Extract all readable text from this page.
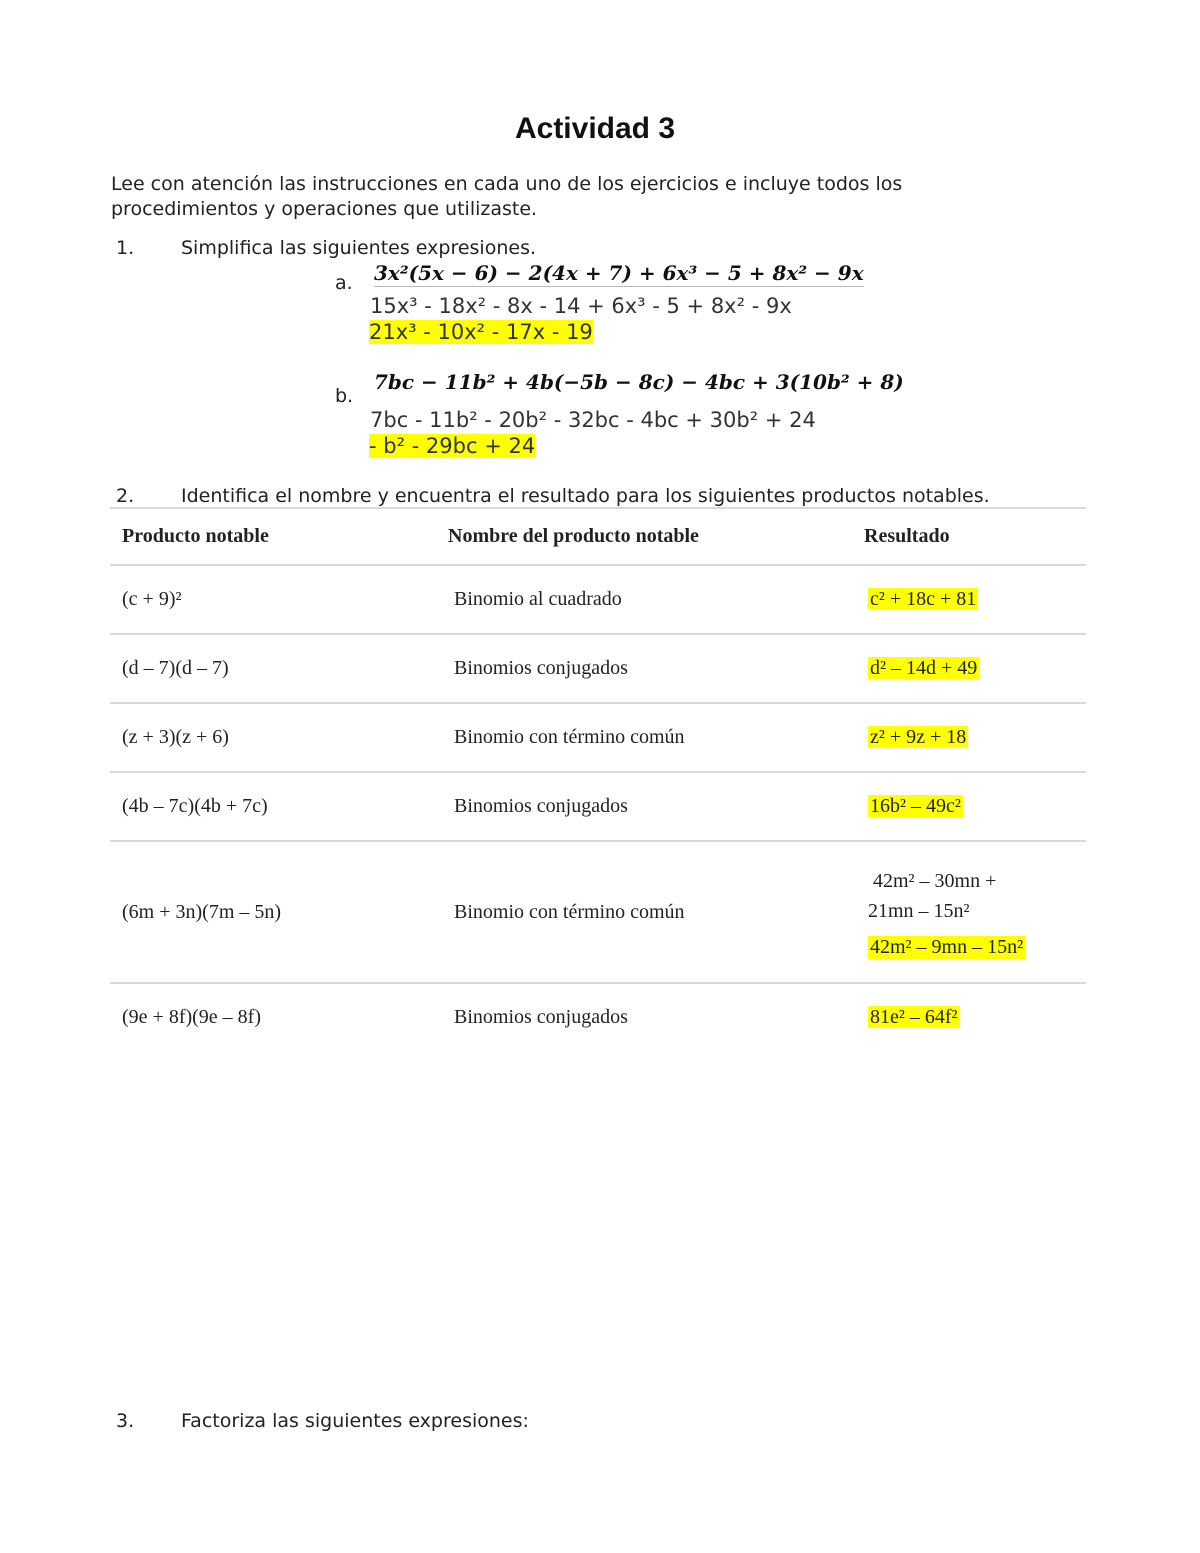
Actividad 3
Lee con atención las instrucciones en cada uno de los ejercicios e incluye todos los procedimientos y operaciones que utilizaste.
1. Simplifica las siguientes expresiones.
a. 3x²(5x − 6) − 2(4x + 7) + 6x³ − 5 + 8x² − 9x
15x³ - 18x² - 8x - 14 + 6x³ - 5 + 8x² - 9x
21x³ - 10x² - 17x - 19
b.
7bc − 11b² + 4b(−5b − 8c) − 4bc + 3(10b² + 8)
7bc - 11b² - 20b² - 32bc - 4bc + 30b² + 24
- b² - 29bc + 24
2. Identifica el nombre y encuentra el resultado para los siguientes productos notables.
Producto notable	Nombre del producto notable	Resultado
(c + 9)²	Binomio al cuadrado	c² + 18c + 81
(d – 7)(d – 7)	Binomios conjugados	d² – 14d + 49
(z + 3)(z + 6)	Binomio con término común	z² + 9z + 18
(4b – 7c)(4b + 7c)	Binomios conjugados	16b² – 49c²
(6m + 3n)(7m – 5n)	Binomio con término común	42m² – 30mn +
21mn – 15n²
42m² – 9mn – 15n²
(9e + 8f)(9e – 8f)	Binomios conjugados	81e² – 64f²
3. Factoriza las siguientes expresiones:
